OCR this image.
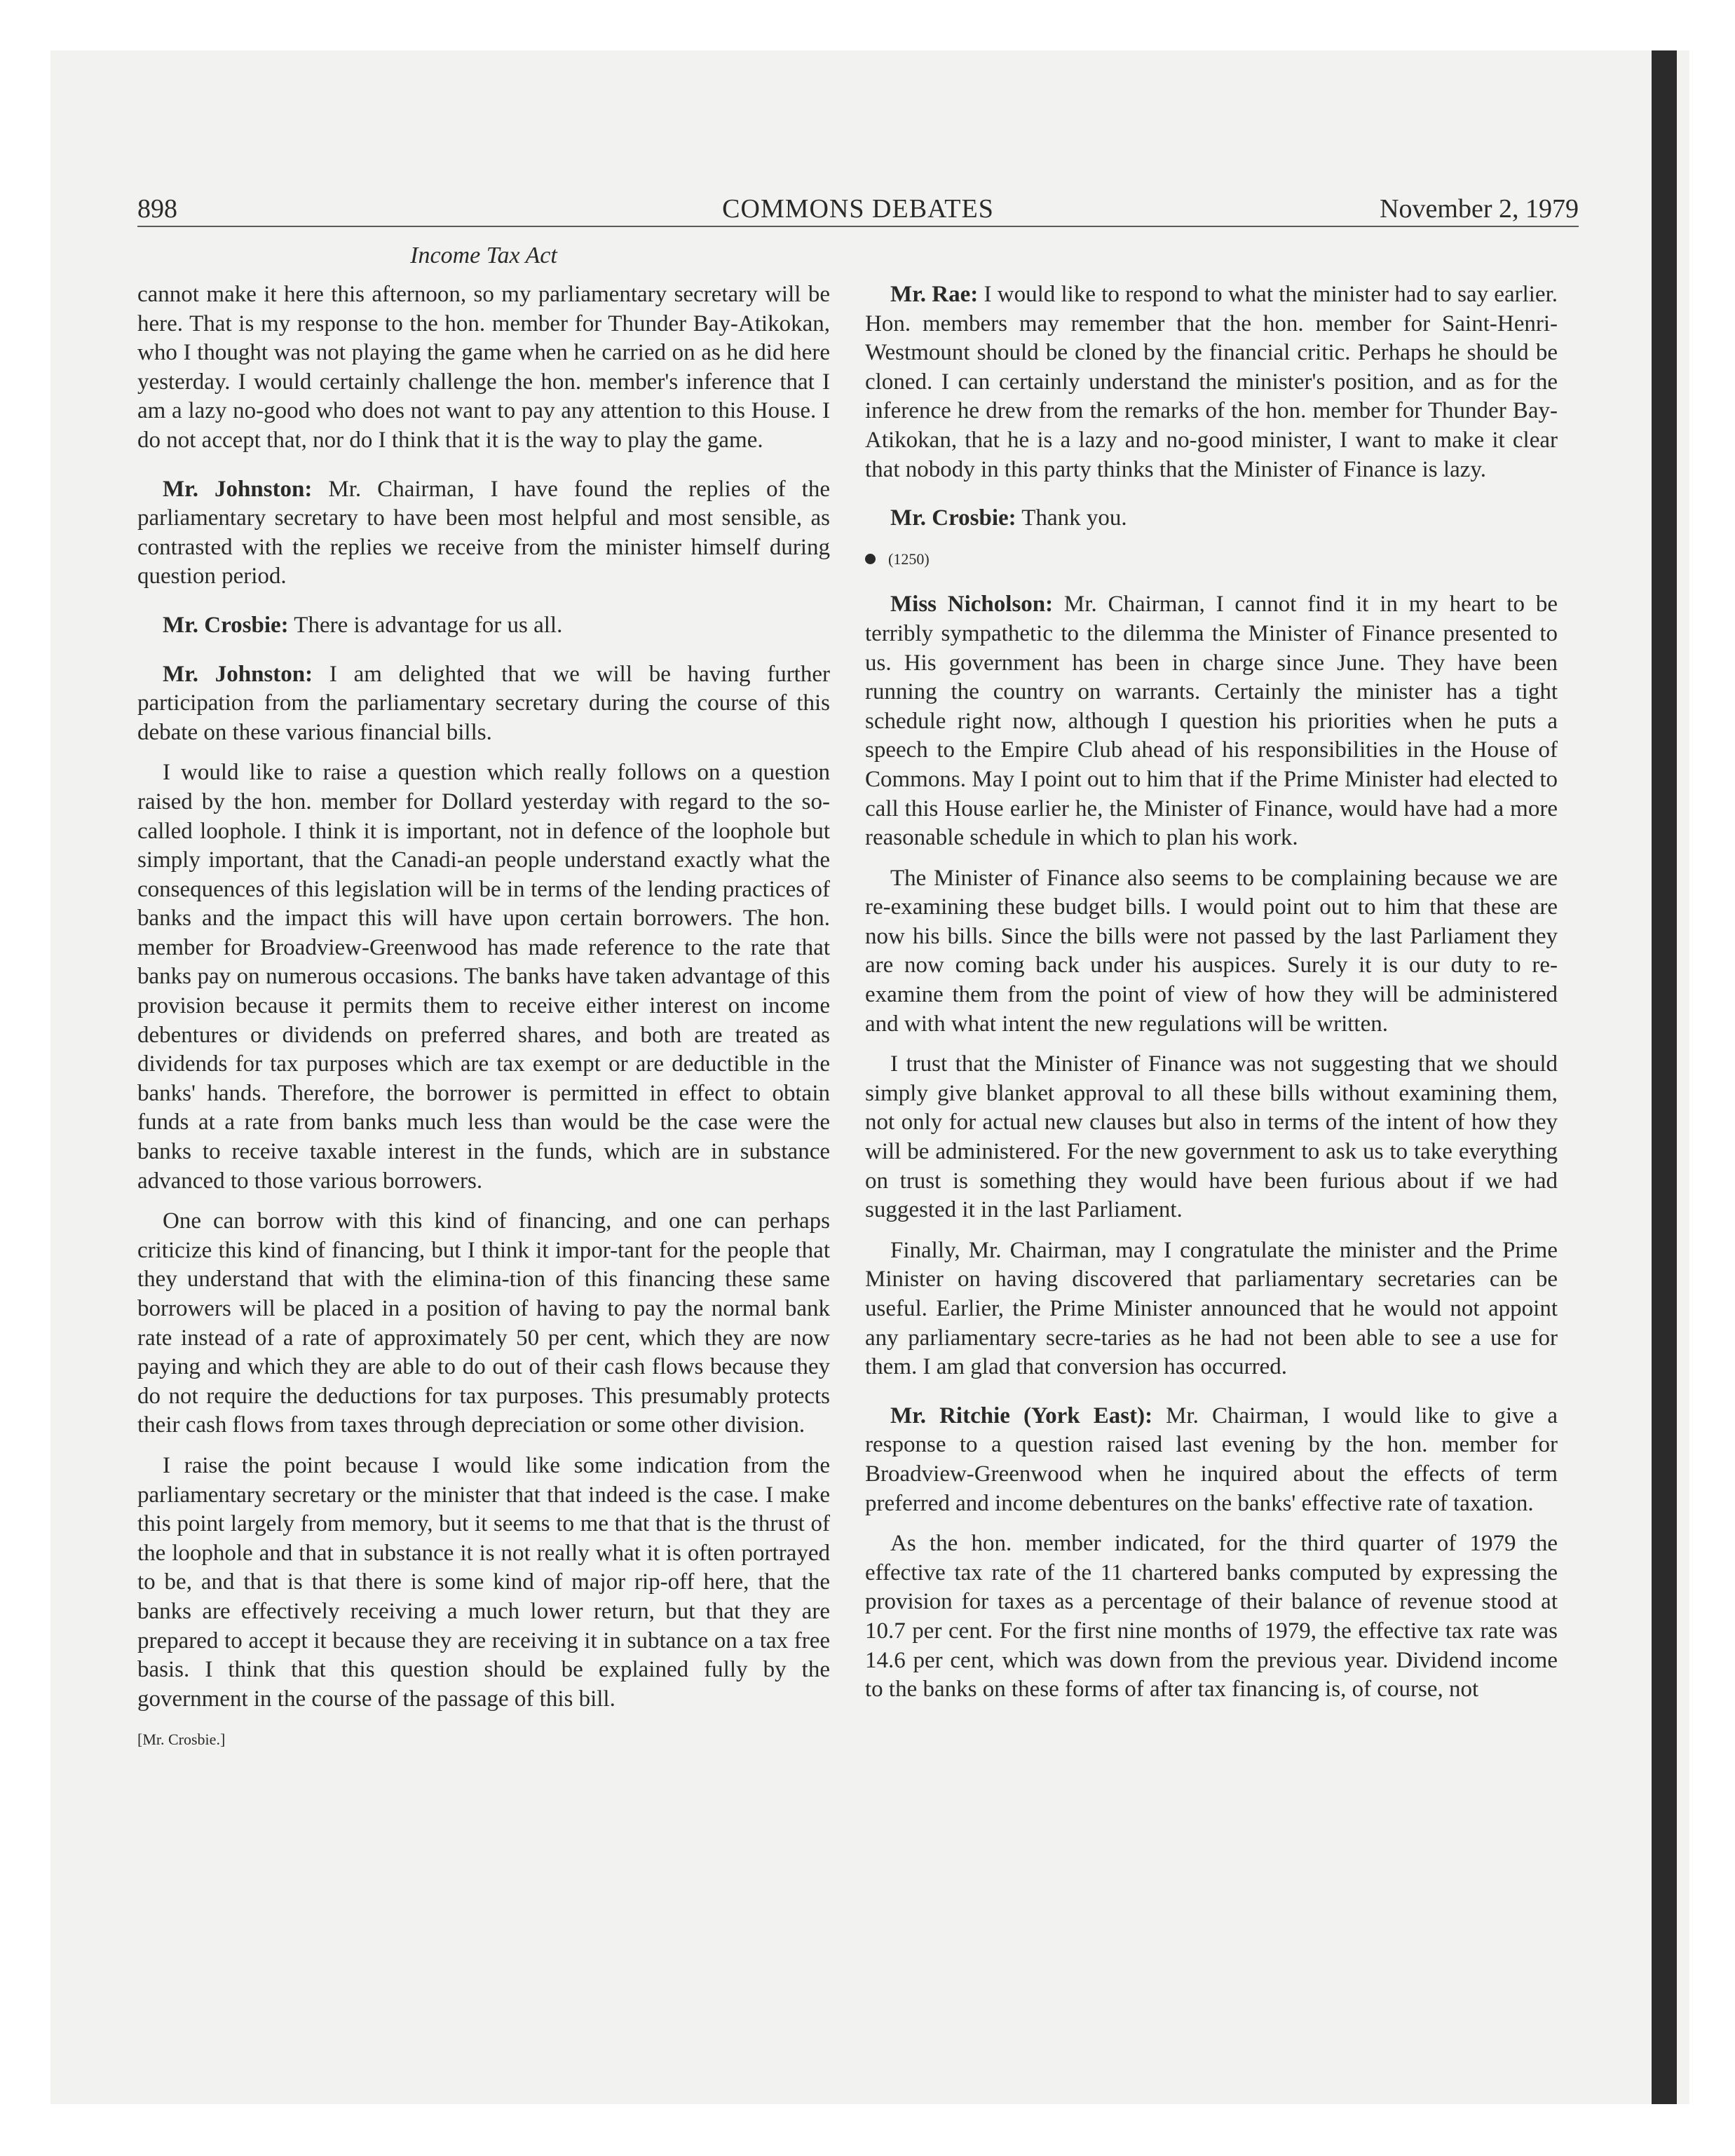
898	COMMONS DEBATES	November 2, 1979
Income Tax Act

cannot make it here this afternoon, so my parliamentary secretary will be here. That is my response to the hon. member for Thunder Bay-Atikokan, who I thought was not playing the game when he carried on as he did here yesterday. I would certainly challenge the hon. member's inference that I am a lazy no-good who does not want to pay any attention to this House. I do not accept that, nor do I think that it is the way to play the game.

Mr. Johnston: Mr. Chairman, I have found the replies of the parliamentary secretary to have been most helpful and most sensible, as contrasted with the replies we receive from the minister himself during question period.

Mr. Crosbie: There is advantage for us all.

Mr. Johnston: I am delighted that we will be having further participation from the parliamentary secretary during the course of this debate on these various financial bills.

I would like to raise a question which really follows on a question raised by the hon. member for Dollard yesterday with regard to the so-called loophole. I think it is important, not in defence of the loophole but simply important, that the Canadi-an people understand exactly what the consequences of this legislation will be in terms of the lending practices of banks and the impact this will have upon certain borrowers. The hon. member for Broadview-Greenwood has made reference to the rate that banks pay on numerous occasions. The banks have taken advantage of this provision because it permits them to receive either interest on income debentures or dividends on preferred shares, and both are treated as dividends for tax purposes which are tax exempt or are deductible in the banks' hands. Therefore, the borrower is permitted in effect to obtain funds at a rate from banks much less than would be the case were the banks to receive taxable interest in the funds, which are in substance advanced to those various borrowers.

One can borrow with this kind of financing, and one can perhaps criticize this kind of financing, but I think it impor-tant for the people that they understand that with the elimina-tion of this financing these same borrowers will be placed in a position of having to pay the normal bank rate instead of a rate of approximately 50 per cent, which they are now paying and which they are able to do out of their cash flows because they do not require the deductions for tax purposes. This presumably protects their cash flows from taxes through depreciation or some other division.

I raise the point because I would like some indication from the parliamentary secretary or the minister that that indeed is the case. I make this point largely from memory, but it seems to me that that is the thrust of the loophole and that in substance it is not really what it is often portrayed to be, and that is that there is some kind of major rip-off here, that the banks are effectively receiving a much lower return, but that they are prepared to accept it because they are receiving it in subtance on a tax free basis. I think that this question should be explained fully by the government in the course of the passage of this bill.

[Mr. Crosbie.]

Mr. Rae: I would like to respond to what the minister had to say earlier. Hon. members may remember that the hon. member for Saint-Henri-Westmount should be cloned by the financial critic. Perhaps he should be cloned. I can certainly understand the minister's position, and as for the inference he drew from the remarks of the hon. member for Thunder Bay-Atikokan, that he is a lazy and no-good minister, I want to make it clear that nobody in this party thinks that the Minister of Finance is lazy.

Mr. Crosbie: Thank you.

(1250)

Miss Nicholson: Mr. Chairman, I cannot find it in my heart to be terribly sympathetic to the dilemma the Minister of Finance presented to us. His government has been in charge since June. They have been running the country on warrants. Certainly the minister has a tight schedule right now, although I question his priorities when he puts a speech to the Empire Club ahead of his responsibilities in the House of Commons. May I point out to him that if the Prime Minister had elected to call this House earlier he, the Minister of Finance, would have had a more reasonable schedule in which to plan his work.

The Minister of Finance also seems to be complaining because we are re-examining these budget bills. I would point out to him that these are now his bills. Since the bills were not passed by the last Parliament they are now coming back under his auspices. Surely it is our duty to re-examine them from the point of view of how they will be administered and with what intent the new regulations will be written.

I trust that the Minister of Finance was not suggesting that we should simply give blanket approval to all these bills without examining them, not only for actual new clauses but also in terms of the intent of how they will be administered. For the new government to ask us to take everything on trust is something they would have been furious about if we had suggested it in the last Parliament.

Finally, Mr. Chairman, may I congratulate the minister and the Prime Minister on having discovered that parliamentary secretaries can be useful. Earlier, the Prime Minister announced that he would not appoint any parliamentary secre-taries as he had not been able to see a use for them. I am glad that conversion has occurred.

Mr. Ritchie (York East): Mr. Chairman, I would like to give a response to a question raised last evening by the hon. member for Broadview-Greenwood when he inquired about the effects of term preferred and income debentures on the banks' effective rate of taxation.

As the hon. member indicated, for the third quarter of 1979 the effective tax rate of the 11 chartered banks computed by expressing the provision for taxes as a percentage of their balance of revenue stood at 10.7 per cent. For the first nine months of 1979, the effective tax rate was 14.6 per cent, which was down from the previous year. Dividend income to the banks on these forms of after tax financing is, of course, not
